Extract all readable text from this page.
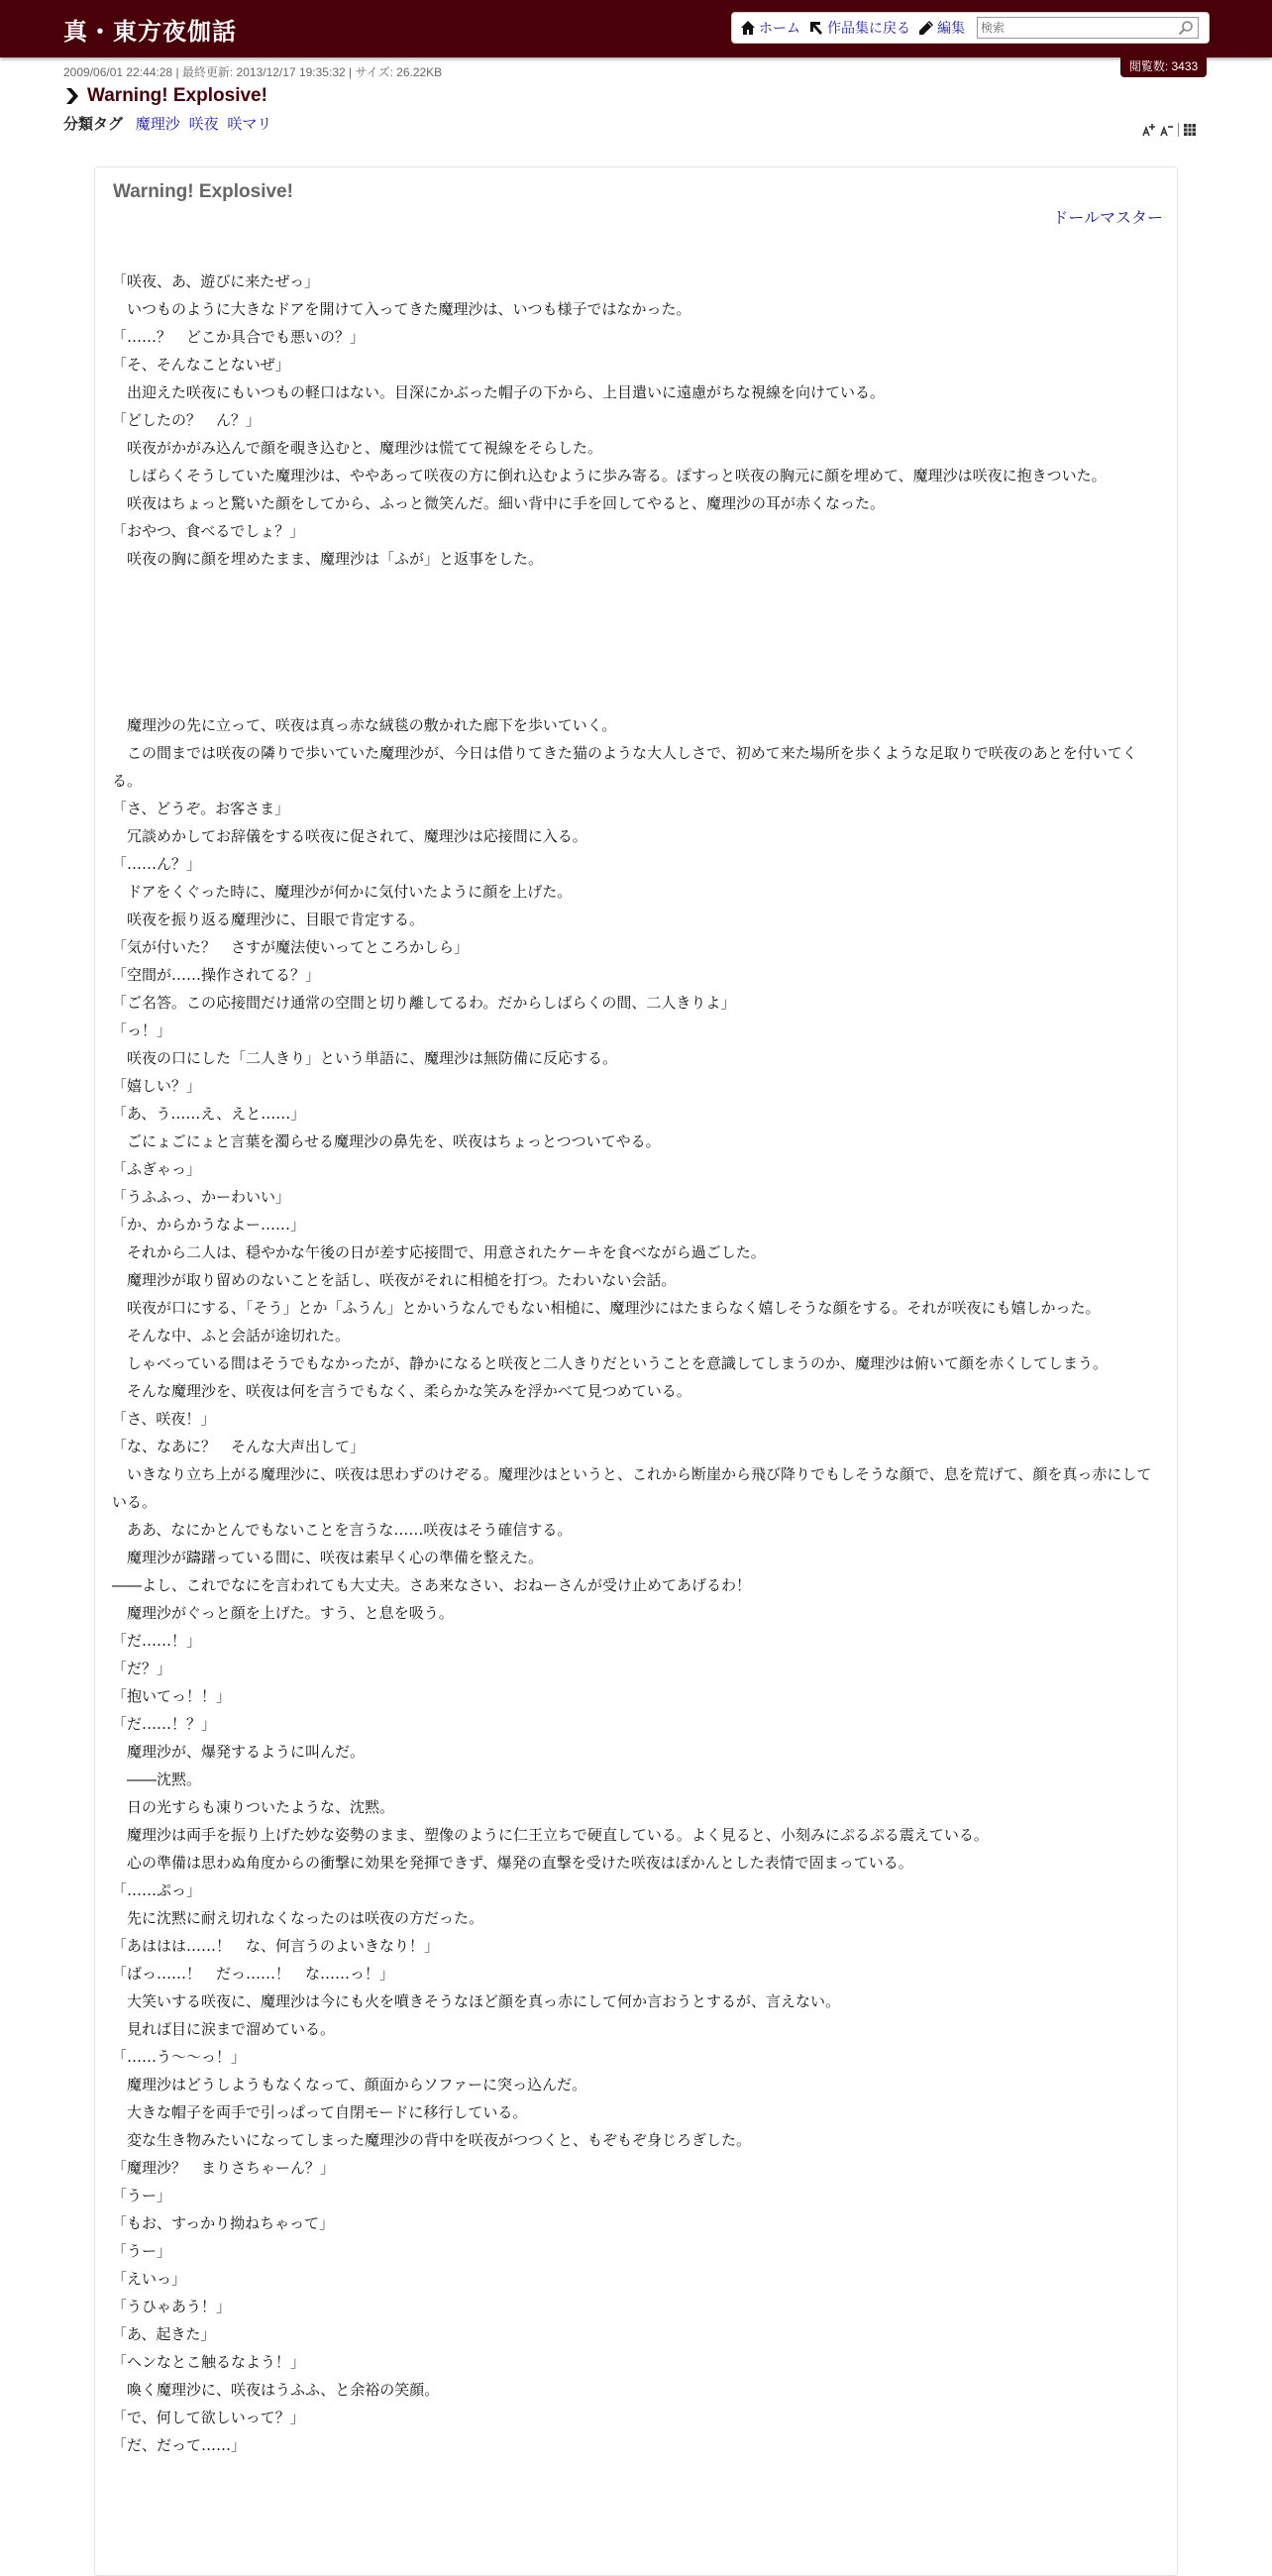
真・東方夜伽話	ホーム 作品集に戻る 編集
検索
2009/06/01 22:44:28 | 最終更新: 2013/12/17 19:35:32 | サイズ: 26.22KB	閲覧数: 3433
Warning! Explosive!
分類タグ 魔理沙 咲夜 咲マリ
Warning! Explosive!
ドールマスター

「咲夜、あ、遊びに来たぜっ」

　いつものように大きなドアを開けて入ってきた魔理沙は、いつも様子ではなかった。

「……？　どこか具合でも悪いの？」

「そ、そんなことないぜ」

　出迎えた咲夜にもいつもの軽口はない。目深にかぶった帽子の下から、上目遣いに遠慮がちな視線を向けている。

「どしたの？　ん？」

　咲夜がかがみ込んで顔を覗き込むと、魔理沙は慌てて視線をそらした。

　しばらくそうしていた魔理沙は、ややあって咲夜の方に倒れ込むように歩み寄る。ぽすっと咲夜の胸元に顔を埋めて、魔理沙は咲夜に抱きついた。

　咲夜はちょっと驚いた顔をしてから、ふっと微笑んだ。細い背中に手を回してやると、魔理沙の耳が赤くなった。

「おやつ、食べるでしょ？」

　咲夜の胸に顔を埋めたまま、魔理沙は「ふが」と返事をした。

　魔理沙の先に立って、咲夜は真っ赤な絨毯の敷かれた廊下を歩いていく。

　この間までは咲夜の隣りで歩いていた魔理沙が、今日は借りてきた猫のような大人しさで、初めて来た場所を歩くような足取りで咲夜のあとを付いてくる。

「さ、どうぞ。お客さま」

　冗談めかしてお辞儀をする咲夜に促されて、魔理沙は応接間に入る。

「……ん？」

　ドアをくぐった時に、魔理沙が何かに気付いたように顔を上げた。

　咲夜を振り返る魔理沙に、目眼で肯定する。

「気が付いた？　さすが魔法使いってところかしら」

「空間が……操作されてる？」

「ご名答。この応接間だけ通常の空間と切り離してるわ。だからしばらくの間、二人きりよ」

「っ！」

　咲夜の口にした「二人きり」という単語に、魔理沙は無防備に反応する。

「嬉しい？」

「あ、う……え、えと……」

　ごにょごにょと言葉を濁らせる魔理沙の鼻先を、咲夜はちょっとつついてやる。

「ふぎゃっ」

「うふふっ、かーわいい」

「か、からかうなよー……」

　それから二人は、穏やかな午後の日が差す応接間で、用意されたケーキを食べながら過ごした。

　魔理沙が取り留めのないことを話し、咲夜がそれに相槌を打つ。たわいない会話。

　咲夜が口にする、「そう」とか「ふうん」とかいうなんでもない相槌に、魔理沙にはたまらなく嬉しそうな顔をする。それが咲夜にも嬉しかった。

　そんな中、ふと会話が途切れた。

　しゃべっている間はそうでもなかったが、静かになると咲夜と二人きりだということを意識してしまうのか、魔理沙は俯いて顔を赤くしてしまう。

　そんな魔理沙を、咲夜は何を言うでもなく、柔らかな笑みを浮かべて見つめている。

「さ、咲夜！」

「な、なあに？　そんな大声出して」

　いきなり立ち上がる魔理沙に、咲夜は思わずのけぞる。魔理沙はというと、これから断崖から飛び降りでもしそうな顔で、息を荒げて、顔を真っ赤にしている。

　ああ、なにかとんでもないことを言うな……咲夜はそう確信する。

　魔理沙が躊躇っている間に、咲夜は素早く心の準備を整えた。

――よし、これでなにを言われても大丈夫。さあ来なさい、おねーさんが受け止めてあげるわ！

　魔理沙がぐっと顔を上げた。すう、と息を吸う。

「だ……！」

「だ？」

「抱いてっ！！」

「だ……！？」

　魔理沙が、爆発するように叫んだ。

　――沈黙。

　日の光すらも凍りついたような、沈黙。

　魔理沙は両手を振り上げた妙な姿勢のまま、塑像のように仁王立ちで硬直している。よく見ると、小刻みにぷるぷる震えている。

　心の準備は思わぬ角度からの衝撃に効果を発揮できず、爆発の直撃を受けた咲夜はぽかんとした表情で固まっている。

「……ぷっ」

　先に沈黙に耐え切れなくなったのは咲夜の方だった。

「あははは……！　な、何言うのよいきなり！」

「ばっ……！　だっ……！　な……っ！」

　大笑いする咲夜に、魔理沙は今にも火を噴きそうなほど顔を真っ赤にして何か言おうとするが、言えない。

　見れば目に涙まで溜めている。

「……う～～っ！」

　魔理沙はどうしようもなくなって、顔面からソファーに突っ込んだ。

　大きな帽子を両手で引っぱって自閉モードに移行している。

　変な生き物みたいになってしまった魔理沙の背中を咲夜がつつくと、もぞもぞ身じろぎした。

「魔理沙？　まりさちゃーん？」

「うー」

「もお、すっかり拗ねちゃって」

「うー」

「えいっ」

「うひゃあう！」

「あ、起きた」

「ヘンなとこ触るなよう！」

　喚く魔理沙に、咲夜はうふふ、と余裕の笑顔。

「で、何して欲しいって？」

「だ、だって……」
